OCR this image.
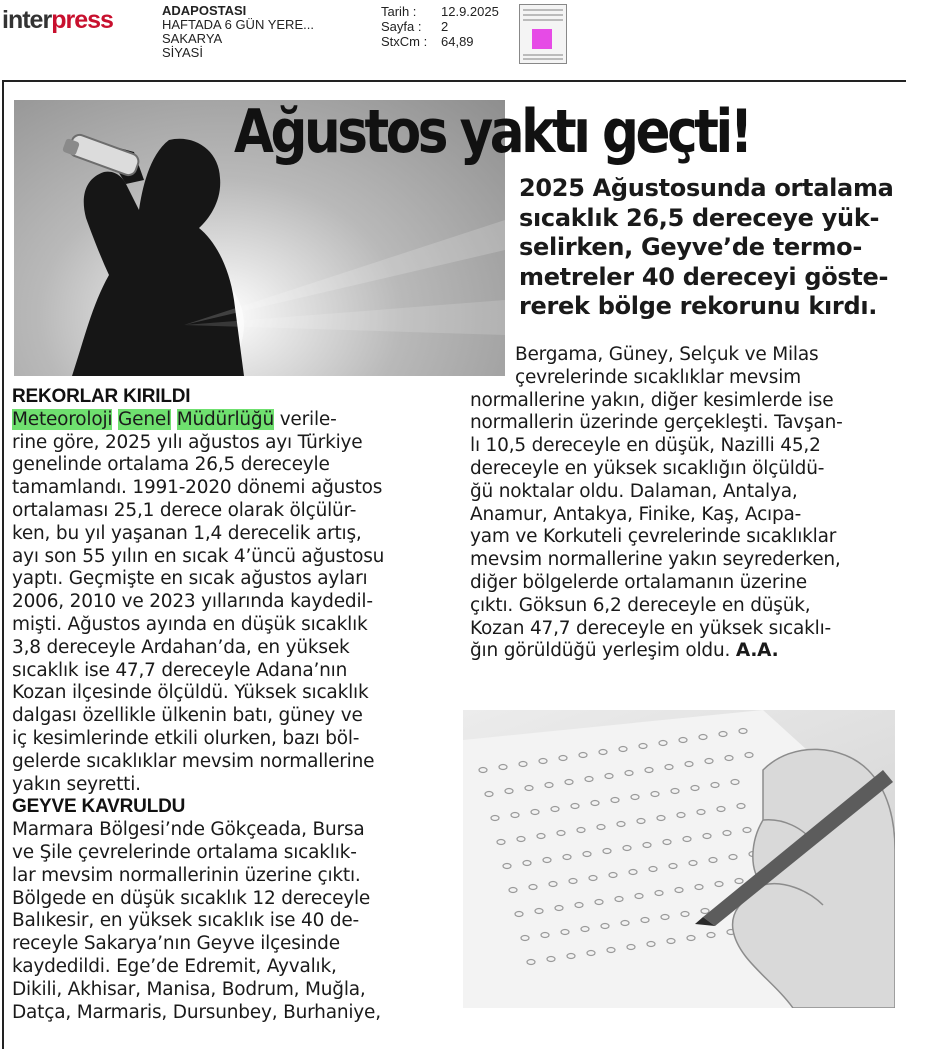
interpress	ADAPOSTASI
HAFTADA 6 GÜN YERE...
SAKARYA
SİYASİ
Tarih :	12.9.2025
Sayfa :	2
StxCm :	64,89
Ağustos yaktı geçti!
2025 Ağustosunda ortalama
sıcaklık 26,5 dereceye yük-
selirken, Geyve’de termo-
metreler 40 dereceyi göste-
rerek bölge rekorunu kırdı.
REKORLAR KIRILDI
Meteoroloji Genel Müdürlüğü verile-
rine göre, 2025 yılı ağustos ayı Türkiye
genelinde ortalama 26,5 dereceyle
tamamlandı. 1991-2020 dönemi ağustos
ortalaması 25,1 derece olarak ölçülür-
ken, bu yıl yaşanan 1,4 derecelik artış,
ayı son 55 yılın en sıcak 4’üncü ağustosu
yaptı. Geçmişte en sıcak ağustos ayları
2006, 2010 ve 2023 yıllarında kaydedil-
mişti. Ağustos ayında en düşük sıcaklık
3,8 dereceyle Ardahan’da, en yüksek
sıcaklık ise 47,7 dereceyle Adana’nın
Kozan ilçesinde ölçüldü. Yüksek sıcaklık
dalgası özellikle ülkenin batı, güney ve
iç kesimlerinde etkili olurken, bazı böl-
gelerde sıcaklıklar mevsim normallerine
yakın seyretti.
GEYVE KAVRULDU
Marmara Bölgesi’nde Gökçeada, Bursa
ve Şile çevrelerinde ortalama sıcaklık-
lar mevsim normallerinin üzerine çıktı.
Bölgede en düşük sıcaklık 12 dereceyle
Balıkesir, en yüksek sıcaklık ise 40 de-
receyle Sakarya’nın Geyve ilçesinde
kaydedildi. Ege’de Edremit, Ayvalık,
Dikili, Akhisar, Manisa, Bodrum, Muğla,
Datça, Marmaris, Dursunbey, Burhaniye,
Bergama, Güney, Selçuk ve Milas
çevrelerinde sıcaklıklar mevsim
normallerine yakın, diğer kesimlerde ise
normallerin üzerinde gerçekleşti. Tavşan-
lı 10,5 dereceyle en düşük, Nazilli 45,2
dereceyle en yüksek sıcaklığın ölçüldü-
ğü noktalar oldu. Dalaman, Antalya,
Anamur, Antakya, Finike, Kaş, Acıpa-
yam ve Korkuteli çevrelerinde sıcaklıklar
mevsim normallerine yakın seyrederken,
diğer bölgelerde ortalamanın üzerine
çıktı. Göksun 6,2 dereceyle en düşük,
Kozan 47,7 dereceyle en yüksek sıcaklı-
ğın görüldüğü yerleşim oldu. A.A.
